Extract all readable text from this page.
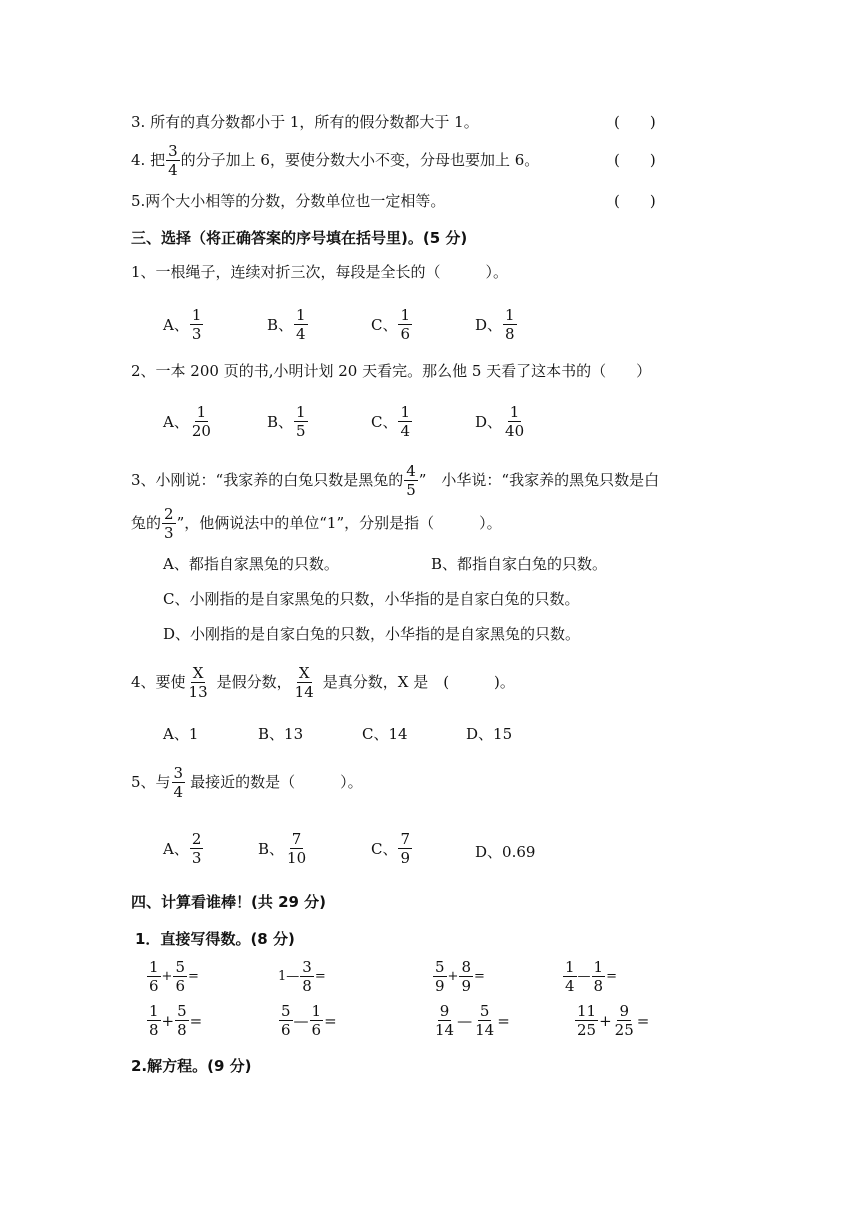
3. 所有的真分数都小于 1，所有的假分数都大于 1。	(　　)
4. 把 $\frac{3}{4}$ 的分子加上 6，要使分数大小不变，分母也要加上 6。	(　　)
5.两个大小相等的分数，分数单位也一定相等。	(　　)
三、选择（将正确答案的序号填在括号里)。(5 分)
1、一根绳子，连续对折三次，每段是全长的（　　　）。
A、 $\frac{1}{3}$	B、 $\frac{1}{4}$	C、 $\frac{1}{6}$	D、 $\frac{1}{8}$
2、一本 200 页的书,小明计划 20 天看完。那么他 5 天看了这本书的（　　）
A、 $\frac{1}{20}$	B、 $\frac{1}{5}$	C、 $\frac{1}{4}$	D、 $\frac{1}{40}$
3、小刚说：“我家养的白兔只数是黑兔的 $\frac{4}{5}$ ”　小华说：“我家养的黑兔只数是白
兔的 $\frac{2}{3}$ ”，他俩说法中的单位“1”，分别是指（　　　）。
A、都指自家黑兔的只数。	B、都指自家白兔的只数。
C、小刚指的是自家黑兔的只数，小华指的是自家白兔的只数。
D、小刚指的是自家白兔的只数，小华指的是自家黑兔的只数。
4、要使 $\frac{X}{13}$ 是假分数， $\frac{X}{14}$ 是真分数，X 是　(　　　)。
A、1	B、13	C、14	D、15
5、与 $\frac{3}{4}$ 最接近的数是（　　　）。
A、 $\frac{2}{3}$	B、 $\frac{7}{10}$	C、 $\frac{7}{9}$	D、0.69
四、计算看谁棒！(共 29 分)
1．直接写得数。(8 分)
$\frac{1}{6} + \frac{5}{6}$ =	1 — $\frac{3}{8}$ =	$\frac{5}{9} + \frac{8}{9}$ =	$\frac{1}{4}$ — $\frac{1}{8}$ =
$\frac{1}{8} + \frac{5}{8}$ =	$\frac{5}{6}$ — $\frac{1}{6}$ =	$\frac{9}{14}$ — $\frac{5}{14}$ =	$\frac{11}{25} + \frac{9}{25}$ =
2.解方程。(9 分)
